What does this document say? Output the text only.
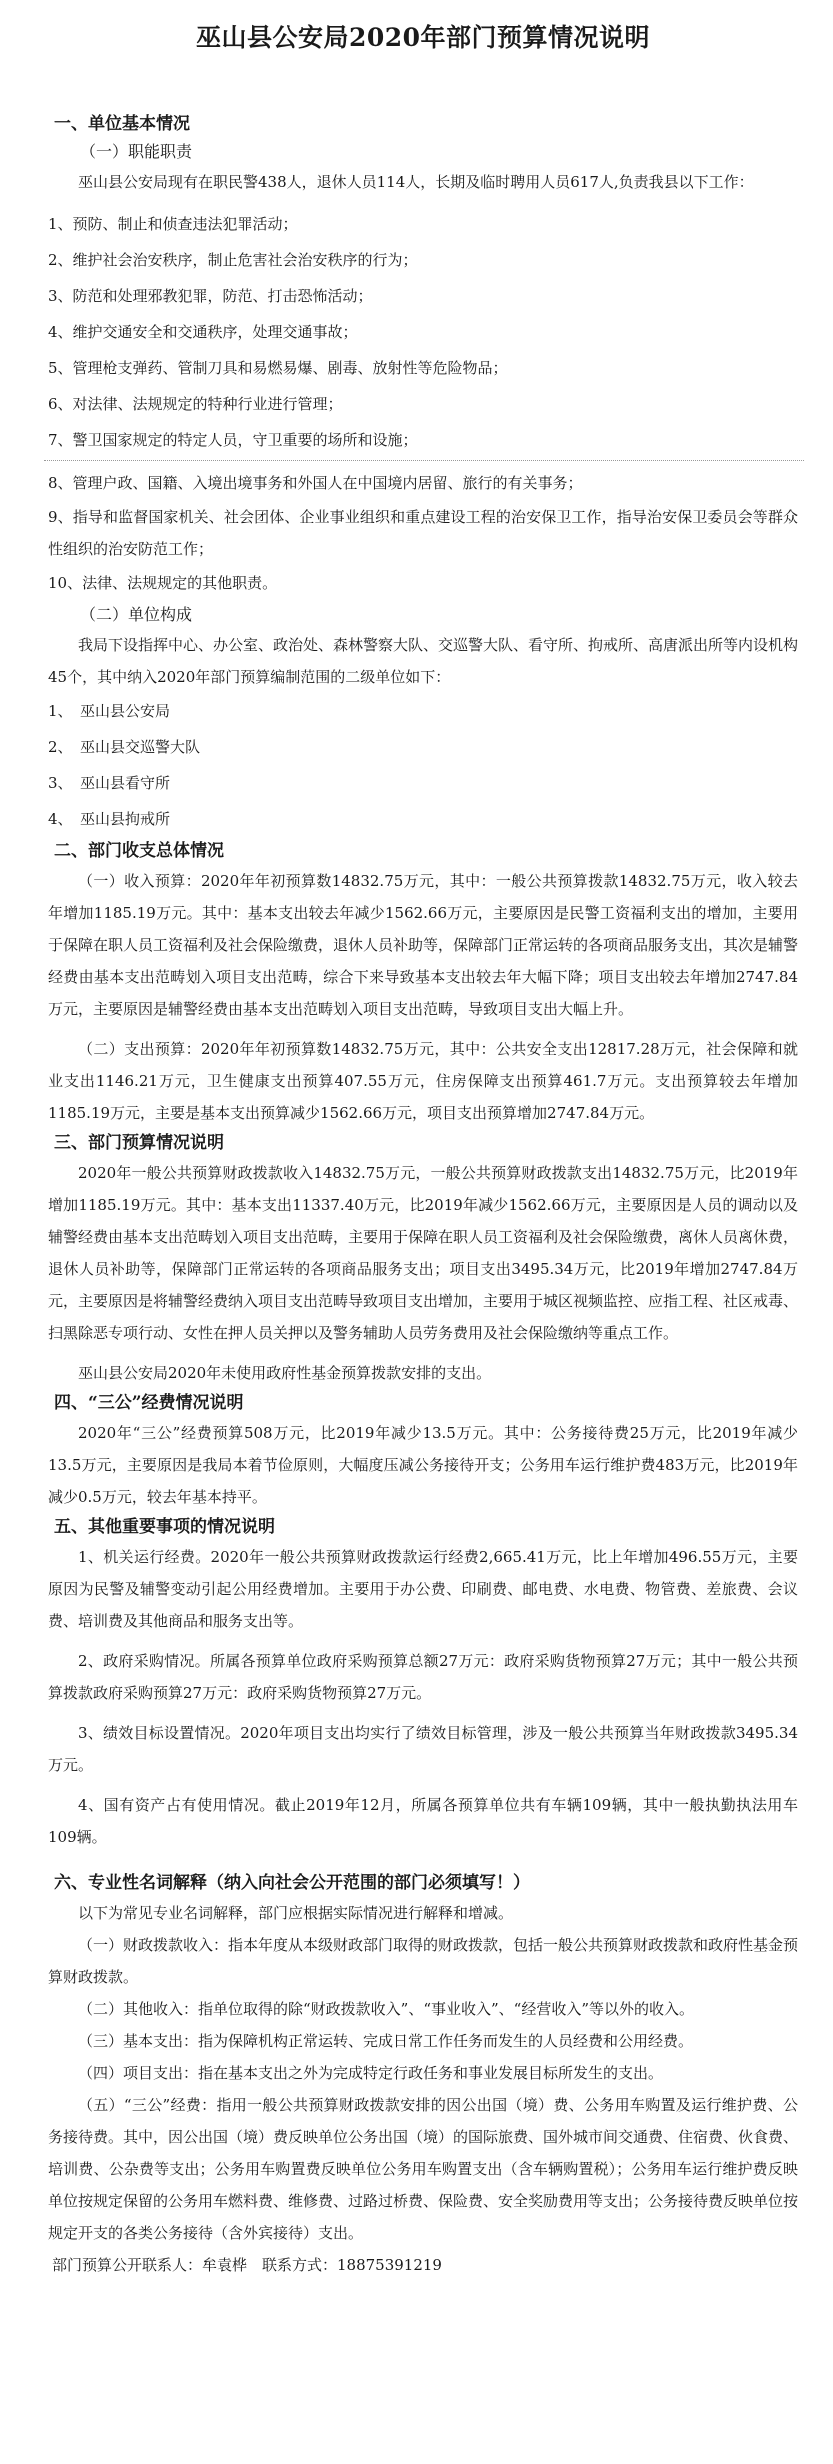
巫山县公安局2020年部门预算情况说明
一、单位基本情况
（一）职能职责

巫山县公安局现有在职民警438人，退休人员114人，长期及临时聘用人员617人,负责我县以下工作：

1、预防、制止和侦查违法犯罪活动；
2、维护社会治安秩序，制止危害社会治安秩序的行为；
3、防范和处理邪教犯罪，防范、打击恐怖活动；
4、维护交通安全和交通秩序，处理交通事故；
5、管理枪支弹药、管制刀具和易燃易爆、剧毒、放射性等危险物品；
6、对法律、法规规定的特种行业进行管理；
7、警卫国家规定的特定人员，守卫重要的场所和设施；
8、管理户政、国籍、入境出境事务和外国人在中国境内居留、旅行的有关事务；

9、指导和监督国家机关、社会团体、企业事业组织和重点建设工程的治安保卫工作，指导治安保卫委员会等群众性组织的治安防范工作；

10、法律、法规规定的其他职责。
（二）单位构成

我局下设指挥中心、办公室、政治处、森林警察大队、交巡警大队、看守所、拘戒所、高唐派出所等内设机构45个，其中纳入2020年部门预算编制范围的二级单位如下：

1、　巫山县公安局
2、　巫山县交巡警大队
3、　巫山县看守所
4、　巫山县拘戒所
二、部门收支总体情况

（一）收入预算：2020年年初预算数14832.75万元，其中：一般公共预算拨款14832.75万元，收入较去年增加1185.19万元。其中：基本支出较去年减少1562.66万元，主要原因是民警工资福利支出的增加，主要用于保障在职人员工资福利及社会保险缴费，退休人员补助等，保障部门正常运转的各项商品服务支出，其次是辅警经费由基本支出范畴划入项目支出范畴，综合下来导致基本支出较去年大幅下降；项目支出较去年增加2747.84万元，主要原因是辅警经费由基本支出范畴划入项目支出范畴，导致项目支出大幅上升。

（二）支出预算：2020年年初预算数14832.75万元，其中：公共安全支出12817.28万元，社会保障和就业支出1146.21万元，卫生健康支出预算407.55万元，住房保障支出预算461.7万元。支出预算较去年增加1185.19万元，主要是基本支出预算减少1562.66万元，项目支出预算增加2747.84万元。

三、部门预算情况说明

2020年一般公共预算财政拨款收入14832.75万元，一般公共预算财政拨款支出14832.75万元，比2019年增加1185.19万元。其中：基本支出11337.40万元，比2019年减少1562.66万元，主要原因是人员的调动以及辅警经费由基本支出范畴划入项目支出范畴，主要用于保障在职人员工资福利及社会保险缴费，离休人员离休费，退休人员补助等，保障部门正常运转的各项商品服务支出；项目支出3495.34万元，比2019年增加2747.84万元，主要原因是将辅警经费纳入项目支出范畴导致项目支出增加，主要用于城区视频监控、应指工程、社区戒毒、扫黑除恶专项行动、女性在押人员关押以及警务辅助人员劳务费用及社会保险缴纳等重点工作。

巫山县公安局2020年未使用政府性基金预算拨款安排的支出。

四、“三公”经费情况说明

2020年“三公”经费预算508万元，比2019年减少13.5万元。其中：公务接待费25万元，比2019年减少13.5万元，主要原因是我局本着节俭原则，大幅度压减公务接待开支；公务用车运行维护费483万元，比2019年减少0.5万元，较去年基本持平。

五、其他重要事项的情况说明

1、机关运行经费。2020年一般公共预算财政拨款运行经费2,665.41万元，比上年增加496.55万元，主要原因为民警及辅警变动引起公用经费增加。主要用于办公费、印刷费、邮电费、水电费、物管费、差旅费、会议费、培训费及其他商品和服务支出等。

2、政府采购情况。所属各预算单位政府采购预算总额27万元：政府采购货物预算27万元；其中一般公共预算拨款政府采购预算27万元：政府采购货物预算27万元。

3、绩效目标设置情况。2020年项目支出均实行了绩效目标管理，涉及一般公共预算当年财政拨款3495.34万元。

4、国有资产占有使用情况。截止2019年12月，所属各预算单位共有车辆109辆，其中一般执勤执法用车109辆。

六、专业性名词解释（纳入向社会公开范围的部门必须填写！）

以下为常见专业名词解释，部门应根据实际情况进行解释和增减。

（一）财政拨款收入：指本年度从本级财政部门取得的财政拨款，包括一般公共预算财政拨款和政府性基金预算财政拨款。

（二）其他收入：指单位取得的除“财政拨款收入”、“事业收入”、“经营收入”等以外的收入。

（三）基本支出：指为保障机构正常运转、完成日常工作任务而发生的人员经费和公用经费。

（四）项目支出：指在基本支出之外为完成特定行政任务和事业发展目标所发生的支出。

（五）“三公”经费：指用一般公共预算财政拨款安排的因公出国（境）费、公务用车购置及运行维护费、公务接待费。其中，因公出国（境）费反映单位公务出国（境）的国际旅费、国外城市间交通费、住宿费、伙食费、培训费、公杂费等支出；公务用车购置费反映单位公务用车购置支出（含车辆购置税）；公务用车运行维护费反映单位按规定保留的公务用车燃料费、维修费、过路过桥费、保险费、安全奖励费用等支出；公务接待费反映单位按规定开支的各类公务接待（含外宾接待）支出。

部门预算公开联系人：牟袁桦　联系方式：18875391219
